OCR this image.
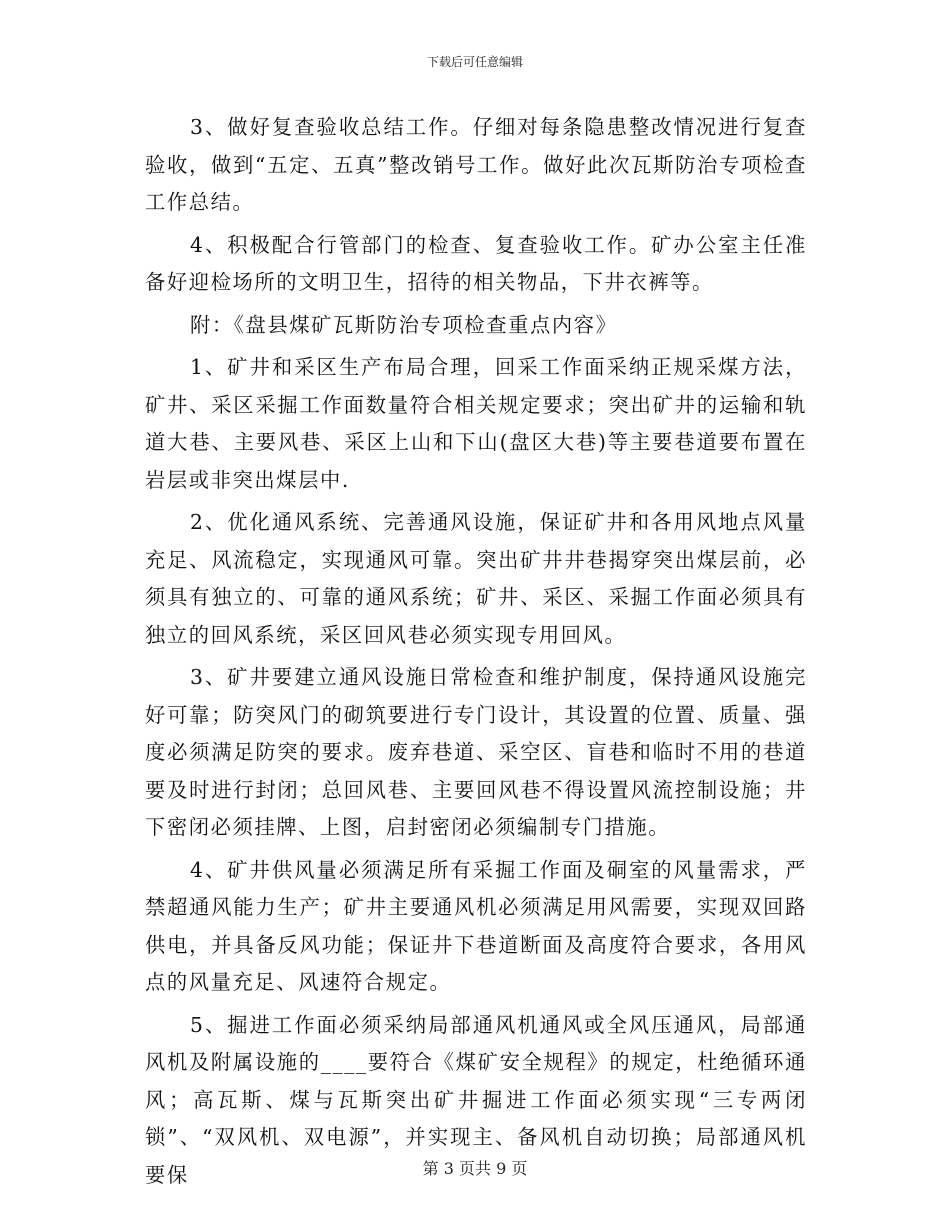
下载后可任意编辑

3、做好复查验收总结工作。仔细对每条隐患整改情况进行复查验收，做到“五定、五真”整改销号工作。做好此次瓦斯防治专项检查工作总结。

4、积极配合行管部门的检查、复查验收工作。矿办公室主任准备好迎检场所的文明卫生，招待的相关物品，下井衣裤等。

附：《盘县煤矿瓦斯防治专项检查重点内容》

1、矿井和采区生产布局合理，回采工作面采纳正规采煤方法，矿井、采区采掘工作面数量符合相关规定要求；突出矿井的运输和轨道大巷、主要风巷、采区上山和下山(盘区大巷)等主要巷道要布置在岩层或非突出煤层中.

2、优化通风系统、完善通风设施，保证矿井和各用风地点风量充足、风流稳定，实现通风可靠。突出矿井井巷揭穿突出煤层前，必须具有独立的、可靠的通风系统；矿井、采区、采掘工作面必须具有独立的回风系统，采区回风巷必须实现专用回风。

3、矿井要建立通风设施日常检查和维护制度，保持通风设施完好可靠；防突风门的砌筑要进行专门设计，其设置的位置、质量、强度必须满足防突的要求。废弃巷道、采空区、盲巷和临时不用的巷道要及时进行封闭；总回风巷、主要回风巷不得设置风流控制设施；井下密闭必须挂牌、上图，启封密闭必须编制专门措施。

4、矿井供风量必须满足所有采掘工作面及硐室的风量需求，严禁超通风能力生产；矿井主要通风机必须满足用风需要，实现双回路供电，并具备反风功能；保证井下巷道断面及高度符合要求，各用风点的风量充足、风速符合规定。

5、掘进工作面必须采纳局部通风机通风或全风压通风，局部通风机及附属设施的____要符合《煤矿安全规程》的规定，杜绝循环通风；高瓦斯、煤与瓦斯突出矿井掘进工作面必须实现“三专两闭锁”、“双风机、双电源”，并实现主、备风机自动切换；局部通风机要保	第 3 页共 9 页
